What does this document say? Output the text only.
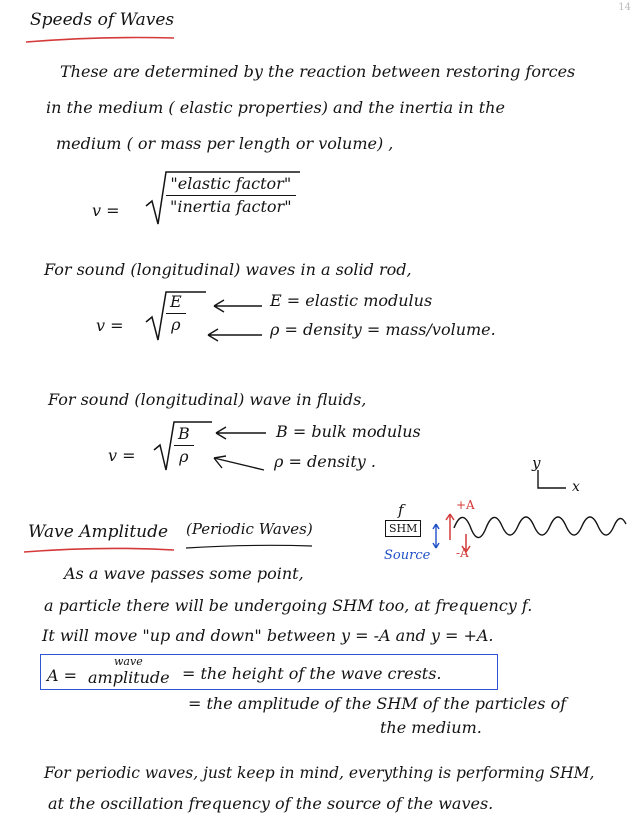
14
Speeds of Waves
These are determined by the reaction between restoring forces
in the medium ( elastic properties) and the inertia in the
medium ( or mass per length or volume) ,
v =
"elastic factor"
"inertia factor"
For sound (longitudinal) waves in a solid rod,
v =	$\frac{E}{\rho}$	E = elastic modulus
ρ = density = mass/volume.
For sound (longitudinal) wave in fluids,
$v = \frac{B}{\rho}$	B = bulk modulus
ρ = density .	y
x
Wave Amplitude (Periodic Waves)
f
SHM
Source
+A
-A
As a wave passes some point,
a particle there will be undergoing SHM too, at frequency f.
It will move "up and down" between y = -A and y = +A.
A =
wave
amplitude = the height of the wave crests.
= the amplitude of the SHM of the particles of
the medium.
For periodic waves, just keep in mind, everything is performing SHM,
at the oscillation frequency of the source of the waves.
